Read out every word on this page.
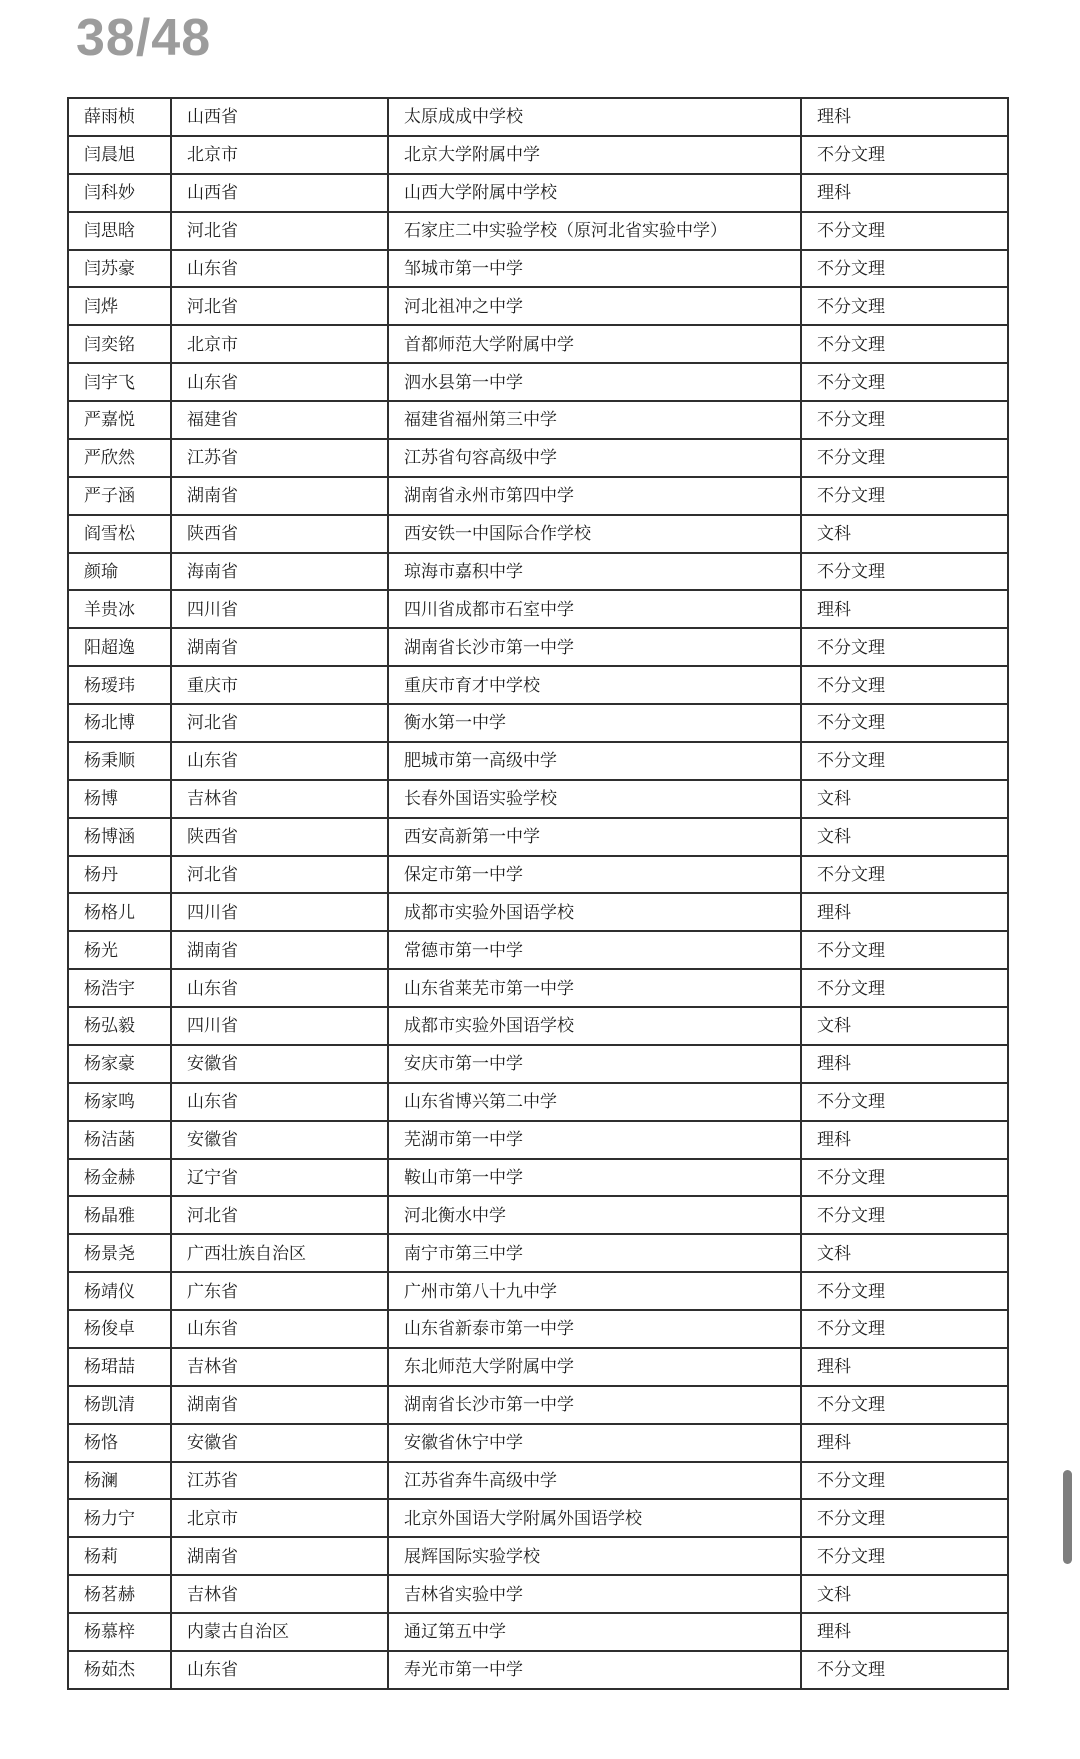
38/48
薛雨桢	山西省	太原成成中学校	理科
闫晨旭	北京市	北京大学附属中学	不分文理
闫科妙	山西省	山西大学附属中学校	理科
闫思晗	河北省	石家庄二中实验学校（原河北省实验中学）	不分文理
闫苏豪	山东省	邹城市第一中学	不分文理
闫烨	河北省	河北祖冲之中学	不分文理
闫奕铭	北京市	首都师范大学附属中学	不分文理
闫宇飞	山东省	泗水县第一中学	不分文理
严嘉悦	福建省	福建省福州第三中学	不分文理
严欣然	江苏省	江苏省句容高级中学	不分文理
严子涵	湖南省	湖南省永州市第四中学	不分文理
阎雪松	陕西省	西安铁一中国际合作学校	文科
颜瑜	海南省	琼海市嘉积中学	不分文理
羊贵冰	四川省	四川省成都市石室中学	理科
阳超逸	湖南省	湖南省长沙市第一中学	不分文理
杨瑷玮	重庆市	重庆市育才中学校	不分文理
杨北博	河北省	衡水第一中学	不分文理
杨秉顺	山东省	肥城市第一高级中学	不分文理
杨博	吉林省	长春外国语实验学校	文科
杨博涵	陕西省	西安高新第一中学	文科
杨丹	河北省	保定市第一中学	不分文理
杨格儿	四川省	成都市实验外国语学校	理科
杨光	湖南省	常德市第一中学	不分文理
杨浩宇	山东省	山东省莱芜市第一中学	不分文理
杨弘毅	四川省	成都市实验外国语学校	文科
杨家豪	安徽省	安庆市第一中学	理科
杨家鸣	山东省	山东省博兴第二中学	不分文理
杨洁菡	安徽省	芜湖市第一中学	理科
杨金赫	辽宁省	鞍山市第一中学	不分文理
杨晶雅	河北省	河北衡水中学	不分文理
杨景尧	广西壮族自治区	南宁市第三中学	文科
杨靖仪	广东省	广州市第八十九中学	不分文理
杨俊卓	山东省	山东省新泰市第一中学	不分文理
杨珺喆	吉林省	东北师范大学附属中学	理科
杨凯清	湖南省	湖南省长沙市第一中学	不分文理
杨恪	安徽省	安徽省休宁中学	理科
杨澜	江苏省	江苏省奔牛高级中学	不分文理
杨力宁	北京市	北京外国语大学附属外国语学校	不分文理
杨莉	湖南省	展辉国际实验学校	不分文理
杨茗赫	吉林省	吉林省实验中学	文科
杨慕梓	内蒙古自治区	通辽第五中学	理科
杨茹杰	山东省	寿光市第一中学	不分文理
